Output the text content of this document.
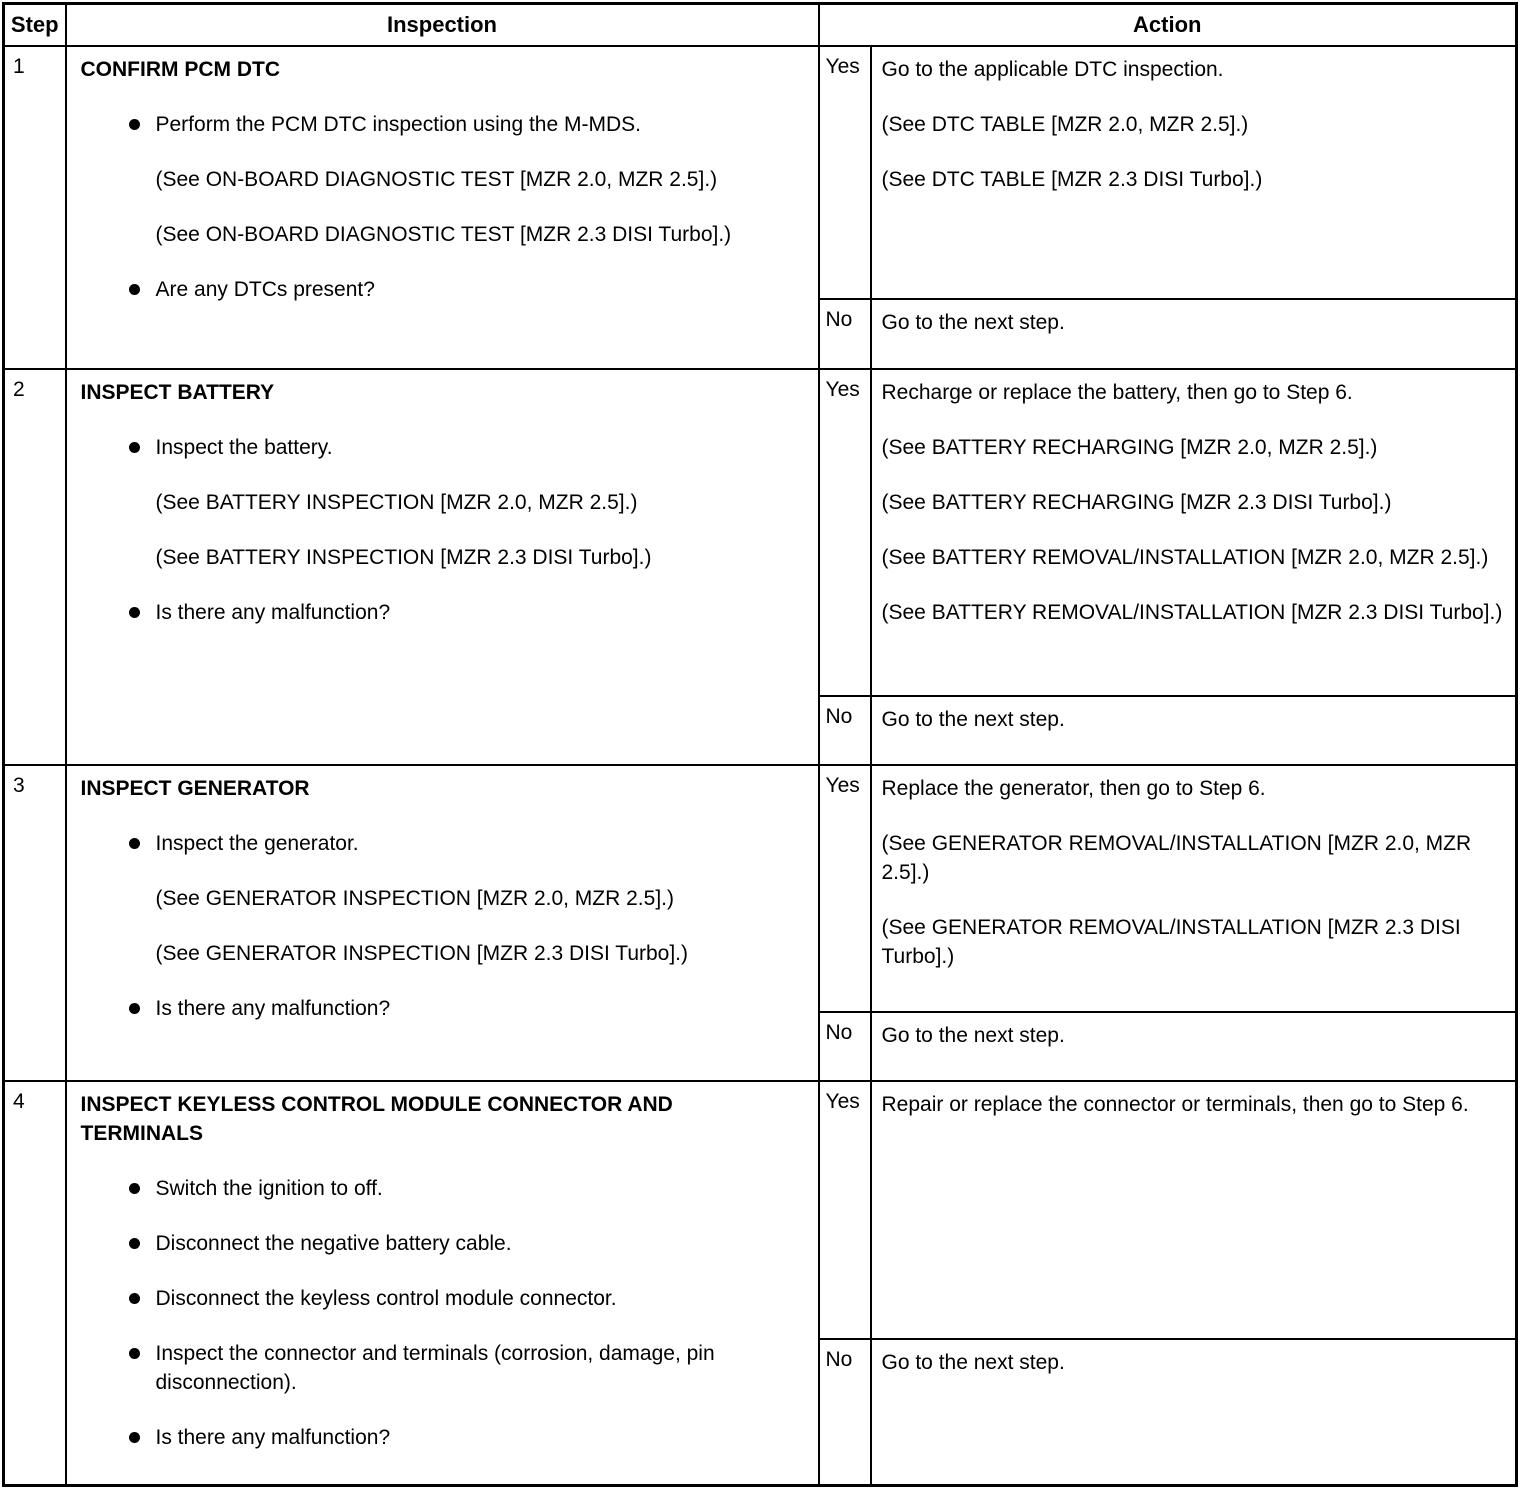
Step	Inspection	Action	
1	CONFIRM PCM DTC
Perform the PCM DTC inspection using the M-MDS.
(See ON-BOARD DIAGNOSTIC TEST [MZR 2.0, MZR 2.5].)
(See ON-BOARD DIAGNOSTIC TEST [MZR 2.3 DISI Turbo].)
Are any DTCs present?
	Yes	Go to the applicable DTC inspection.
(See DTC TABLE [MZR 2.0, MZR 2.5].)
(See DTC TABLE [MZR 2.3 DISI Turbo].)

		No	Go to the next step.

2	INSPECT BATTERY
Inspect the battery.
(See BATTERY INSPECTION [MZR 2.0, MZR 2.5].)
(See BATTERY INSPECTION [MZR 2.3 DISI Turbo].)
Is there any malfunction?
	Yes	Recharge or replace the battery, then go to Step 6.
(See BATTERY RECHARGING [MZR 2.0, MZR 2.5].)
(See BATTERY RECHARGING [MZR 2.3 DISI Turbo].)
(See BATTERY REMOVAL/INSTALLATION [MZR 2.0, MZR 2.5].)
(See BATTERY REMOVAL/INSTALLATION [MZR 2.3 DISI Turbo].)

		No	Go to the next step.

3	INSPECT GENERATOR
Inspect the generator.
(See GENERATOR INSPECTION [MZR 2.0, MZR 2.5].)
(See GENERATOR INSPECTION [MZR 2.3 DISI Turbo].)
Is there any malfunction?
	Yes	Replace the generator, then go to Step 6.
(See GENERATOR REMOVAL/INSTALLATION [MZR 2.0, MZR 2.5].)
(See GENERATOR REMOVAL/INSTALLATION [MZR 2.3 DISI Turbo].)

		No	Go to the next step.

4	INSPECT KEYLESS CONTROL MODULE CONNECTOR AND TERMINALS
Switch the ignition to off.
Disconnect the negative battery cable.
Disconnect the keyless control module connector.
Inspect the connector and terminals (corrosion, damage, pin disconnection).
Is there any malfunction?
	Yes	Repair or replace the connector or terminals, then go to Step 6.

		No	Go to the next step.
